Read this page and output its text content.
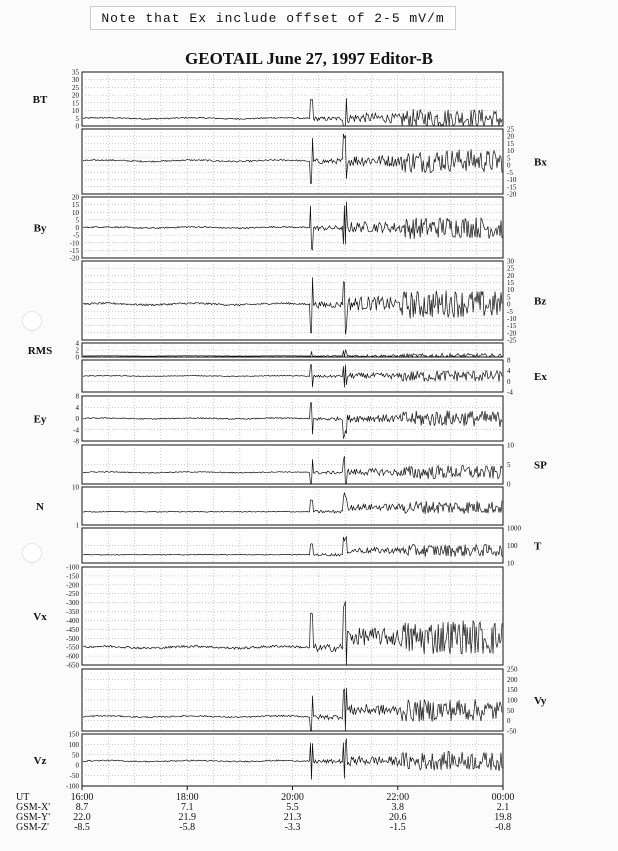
Note that Ex include offset of 2-5 mV/m
GEOTAIL June 27, 1997 Editor-B
35
30
25
20
15
10
5
0
BT
25
20
15
10
5
0
-5
-10
-15
-20
Bx
20
15
10
5
0
-5
-10
-15
-20
By
30
25
20
15
10
5
0
-5
-10
-15
-20
-25
Bz
4
2
0
RMS
8
4
0
-4
Ex
8
4
0
-4
-8
Ey
10
5
0
SP
10
1
N
1000
100
10
T
-100
-150
-200
-250
-300
-350
-400
-450
-500
-550
-600
-650
Vx
250
200
150
100
50
0
-50
Vy
150
100
50
0
-50
-100
Vz
UT	16:00	18:00	20:00	22:00	00:00
GSM-X'	8.7	7.1	5.5	3.8	2.1
GSM-Y' 22.0	21.9	21.3	20.6	19.8
GSM-Z'	-8.5	-5.8	-3.3	-1.5	-0.8
